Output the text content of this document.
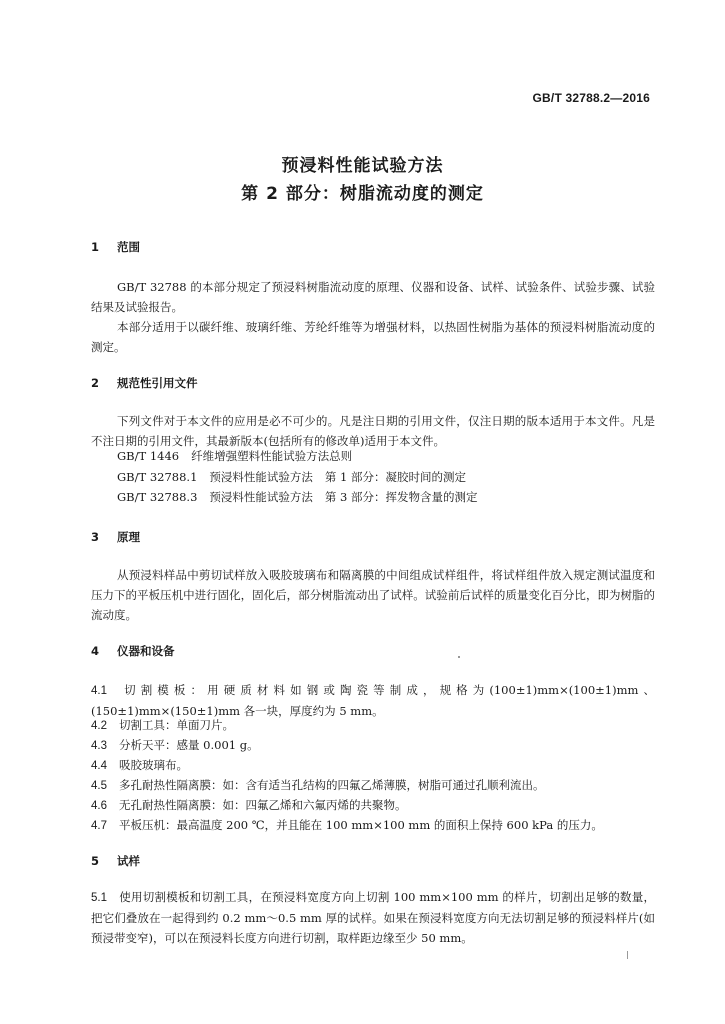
GB/T 32788.2—2016
预浸料性能试验方法
第 2 部分：树脂流动度的测定
1 范围
GB/T 32788 的本部分规定了预浸料树脂流动度的原理、仪器和设备、试样、试验条件、试验步骤、试验结果及试验报告。
本部分适用于以碳纤维、玻璃纤维、芳纶纤维等为增强材料，以热固性树脂为基体的预浸料树脂流动度的测定。
2 规范性引用文件
下列文件对于本文件的应用是必不可少的。凡是注日期的引用文件，仅注日期的版本适用于本文件。凡是不注日期的引用文件，其最新版本(包括所有的修改单)适用于本文件。
GB/T 1446 纤维增强塑料性能试验方法总则
GB/T 32788.1 预浸料性能试验方法 第 1 部分：凝胶时间的测定
GB/T 32788.3 预浸料性能试验方法 第 3 部分：挥发物含量的测定
3 原理
从预浸料样品中剪切试样放入吸胶玻璃布和隔离膜的中间组成试样组件，将试样组件放入规定测试温度和压力下的平板压机中进行固化，固化后，部分树脂流动出了试样。试验前后试样的质量变化百分比，即为树脂的流动度。
4 仪器和设备
4.1 切割模板：用硬质材料如钢或陶瓷等制成，规格为(100±1)mm×(100±1)mm、(150±1)mm×(150±1)mm 各一块，厚度约为 5 mm。
4.2 切割工具：单面刀片。
4.3 分析天平：感量 0.001 g。
4.4 吸胶玻璃布。
4.5 多孔耐热性隔离膜：如：含有适当孔结构的四氟乙烯薄膜，树脂可通过孔顺利流出。
4.6 无孔耐热性隔离膜：如：四氟乙烯和六氟丙烯的共聚物。
4.7 平板压机：最高温度 200 ℃，并且能在 100 mm×100 mm 的面积上保持 600 kPa 的压力。
5 试样
5.1 使用切割模板和切割工具，在预浸料宽度方向上切割 100 mm×100 mm 的样片，切割出足够的数量，把它们叠放在一起得到约 0.2 mm～0.5 mm 厚的试样。如果在预浸料宽度方向无法切割足够的预浸料样片(如预浸带变窄)，可以在预浸料长度方向进行切割，取样距边缘至少 50 mm。
